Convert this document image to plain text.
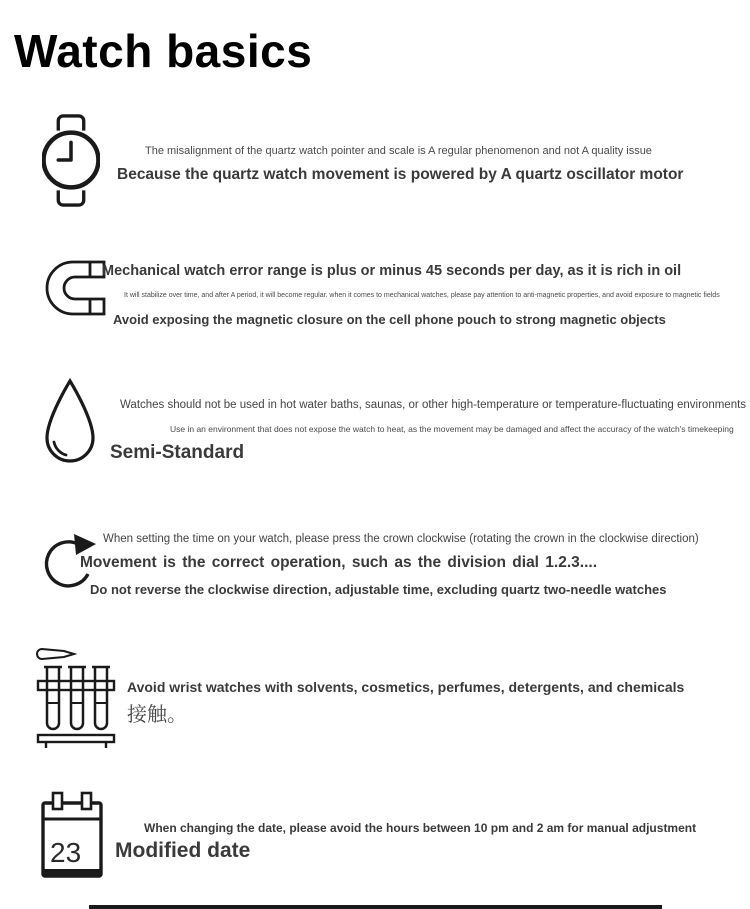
Watch basics
The misalignment of the quartz watch pointer and scale is A regular phenomenon and not A quality issue
Because the quartz watch movement is powered by A quartz oscillator motor
Mechanical watch error range is plus or minus 45 seconds per day, as it is rich in oil
It will stabilize over time, and after A period, it will become regular. when it comes to mechanical watches, please pay attention to anti-magnetic properties, and avoid exposure to magnetic fields
Avoid exposing the magnetic closure on the cell phone pouch to strong magnetic objects
Watches should not be used in hot water baths, saunas, or other high-temperature or temperature-fluctuating environments
Use in an environment that does not expose the watch to heat, as the movement may be damaged and affect the accuracy of the watch's timekeeping
Semi-Standard
When setting the time on your watch, please press the crown clockwise (rotating the crown in the clockwise direction)
Movement is the correct operation, such as the division dial 1.2.3....
Do not reverse the clockwise direction, adjustable time, excluding quartz two-needle watches
Avoid wrist watches with solvents, cosmetics, perfumes, detergents, and chemicals
接触。
23
When changing the date, please avoid the hours between 10 pm and 2 am for manual adjustment
Modified date
